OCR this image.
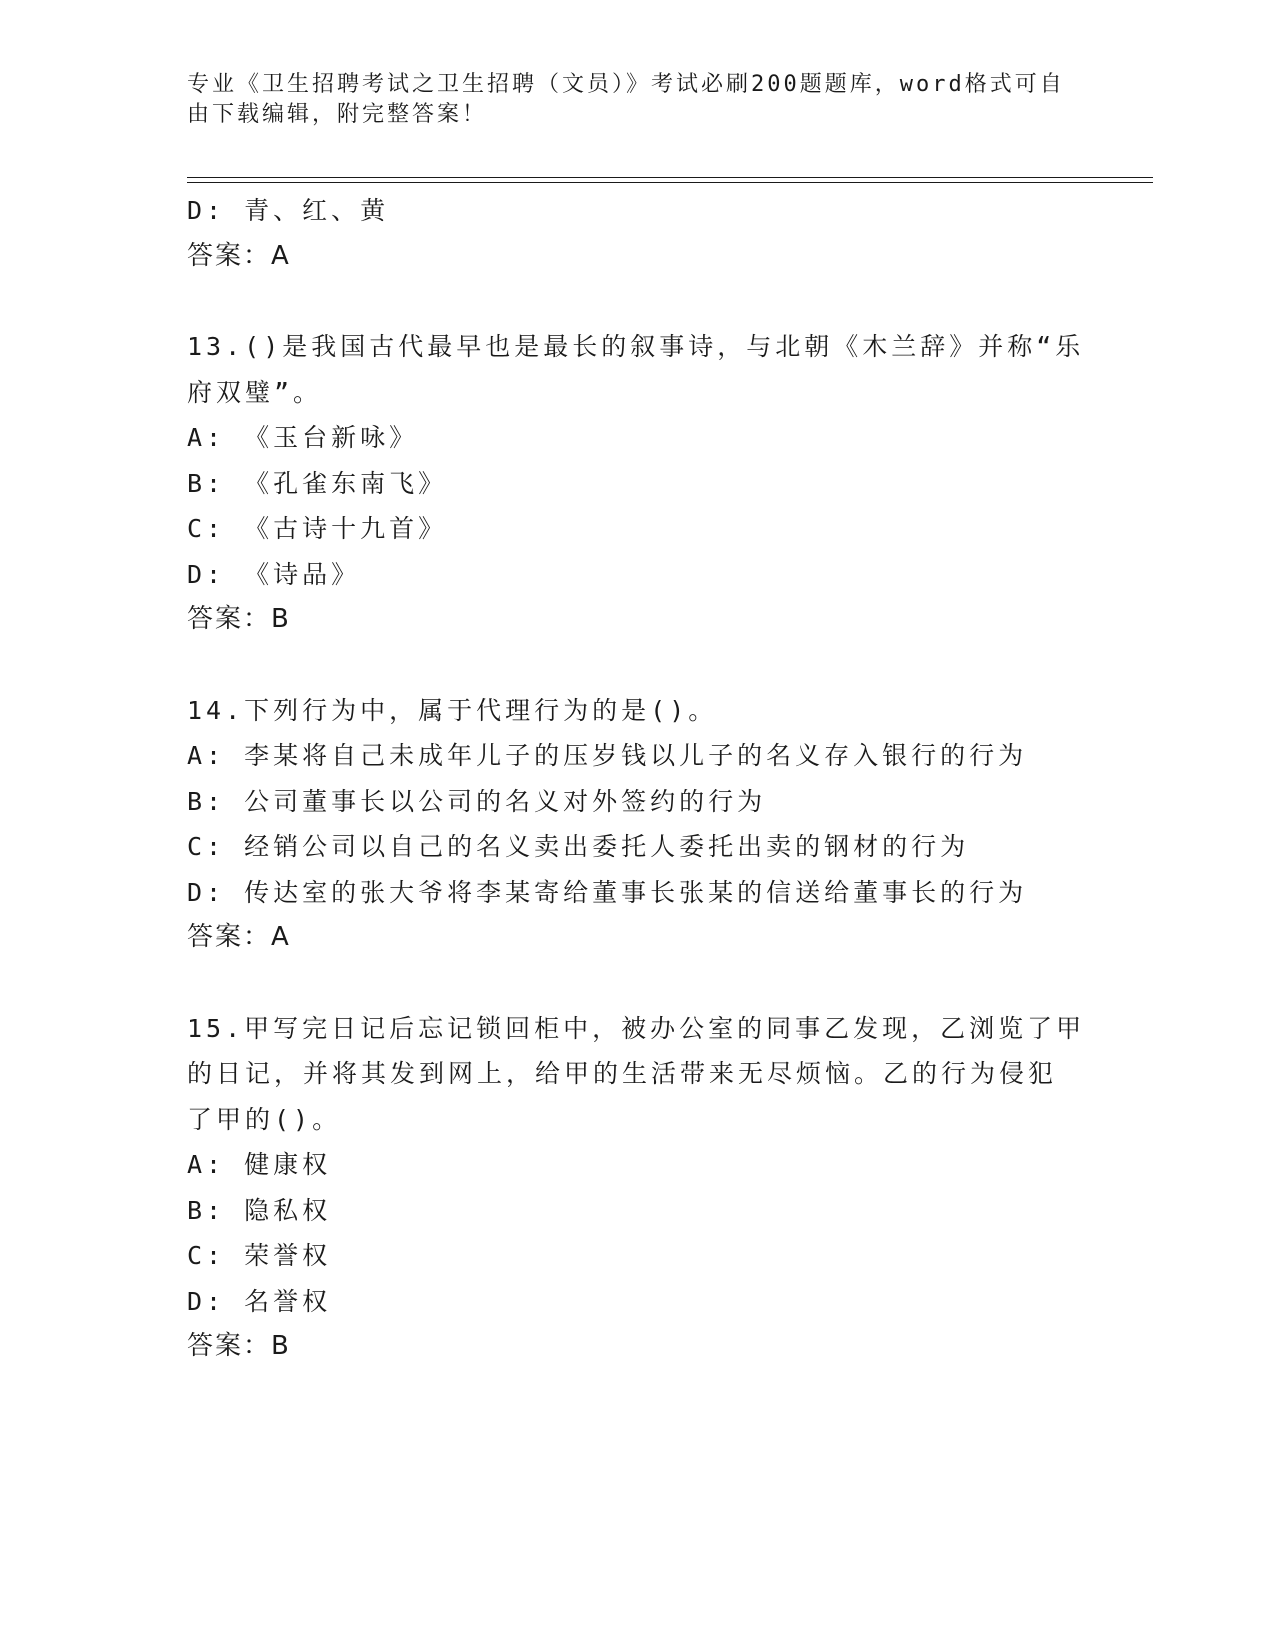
专业《卫生招聘考试之卫生招聘（文员）》考试必刷200题题库，word格式可自
由下载编辑，附完整答案！
D: 青、红、黄
答案：A
13.()是我国古代最早也是最长的叙事诗，与北朝《木兰辞》并称“乐
府双璧”。
A: 《玉台新咏》
B: 《孔雀东南飞》
C: 《古诗十九首》
D: 《诗品》
答案：B
14.下列行为中，属于代理行为的是()。
A: 李某将自己未成年儿子的压岁钱以儿子的名义存入银行的行为
B: 公司董事长以公司的名义对外签约的行为
C: 经销公司以自己的名义卖出委托人委托出卖的钢材的行为
D: 传达室的张大爷将李某寄给董事长张某的信送给董事长的行为
答案：A
15.甲写完日记后忘记锁回柜中，被办公室的同事乙发现，乙浏览了甲
的日记，并将其发到网上，给甲的生活带来无尽烦恼。乙的行为侵犯
了甲的()。
A: 健康权
B: 隐私权
C: 荣誉权
D: 名誉权
答案：B
